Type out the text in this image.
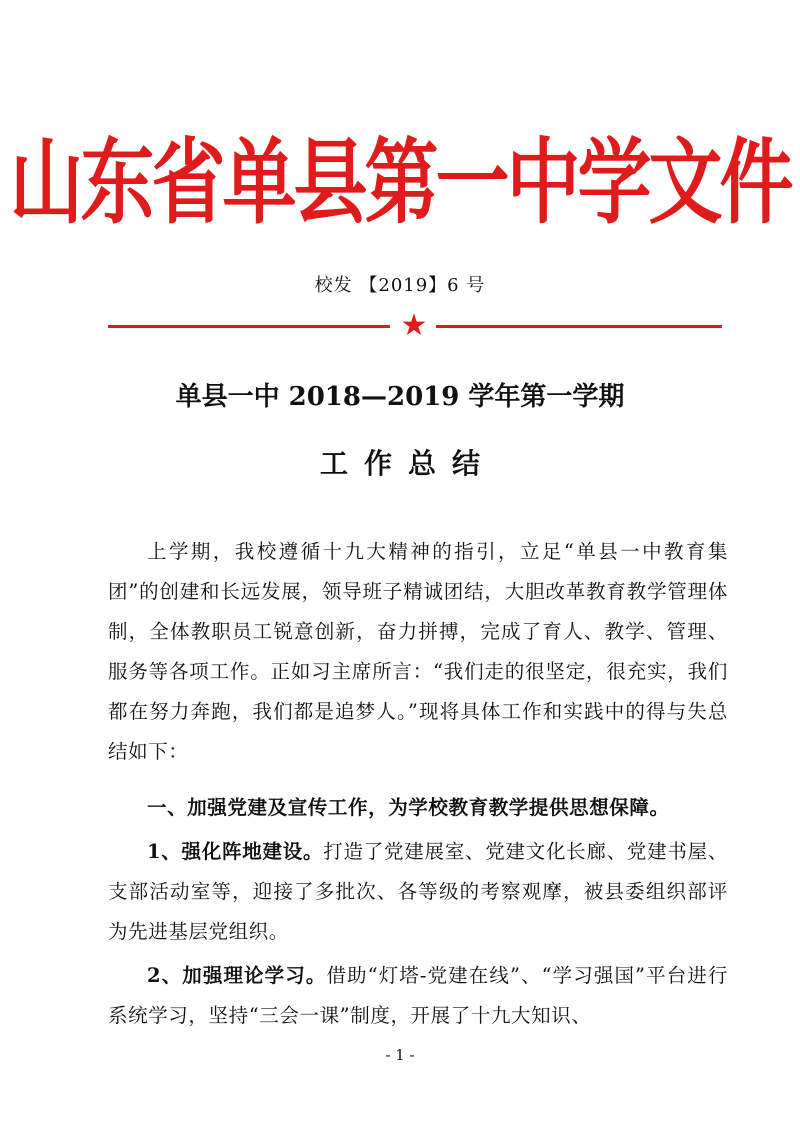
山东省单县第一中学文件
校发 【2019】6 号
★
单县一中 2018—2019 学年第一学期
工作总结

上学期，我校遵循十九大精神的指引，立足“单县一中教育集团”的创建和长远发展，领导班子精诚团结，大胆改革教育教学管理体制，全体教职员工锐意创新，奋力拼搏，完成了育人、教学、管理、服务等各项工作。正如习主席所言：“我们走的很坚定，很充实，我们都在努力奔跑，我们都是追梦人。”现将具体工作和实践中的得与失总结如下：

一、加强党建及宣传工作，为学校教育教学提供思想保障。

1、强化阵地建设。打造了党建展室、党建文化长廊、党建书屋、支部活动室等，迎接了多批次、各等级的考察观摩，被县委组织部评为先进基层党组织。

2、加强理论学习。借助“灯塔-党建在线”、“学习强国”平台进行系统学习，坚持“三会一课”制度，开展了十九大知识、

- 1 -
